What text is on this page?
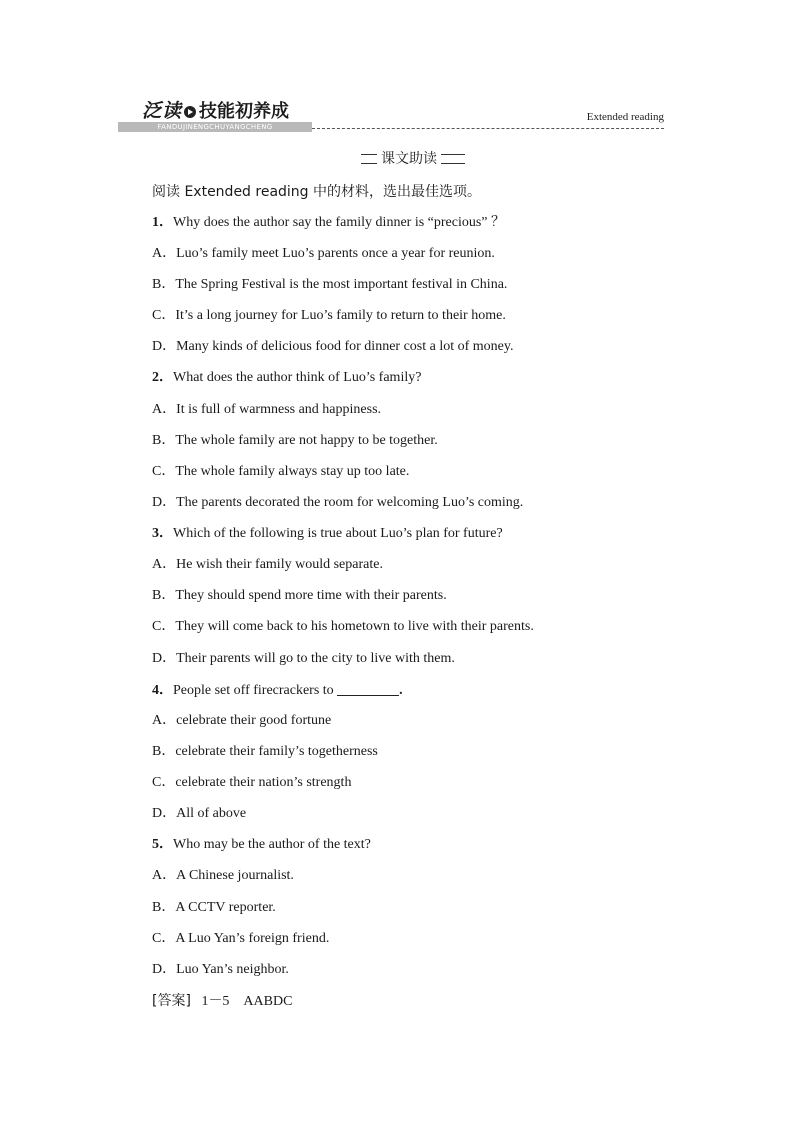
泛读 技能初养成
FANDUJINENGCHUYANGCHENG
Extended reading
课文助读
阅读 Extended reading 中的材料，选出最佳选项。
1．Why does the author say the family dinner is “precious” ？
A．Luo’s family meet Luo’s parents once a year for reunion.
B．The Spring Festival is the most important festival in China.
C．It’s a long journey for Luo’s family to return to their home.
D．Many kinds of delicious food for dinner cost a lot of money.
2．What does the author think of Luo’s family?
A．It is full of warmness and happiness.
B．The whole family are not happy to be together.
C．The whole family always stay up too late.
D．The parents decorated the room for welcoming Luo’s coming.
3．Which of the following is true about Luo’s plan for future?
A．He wish their family would separate.
B．They should spend more time with their parents.
C．They will come back to his hometown to live with their parents.
D．Their parents will go to the city to live with them.
4．People set off firecrackers to	.
A．celebrate their good fortune
B．celebrate their family’s togetherness
C．celebrate their nation’s strength
D．All of above
5．Who may be the author of the text?
A．A Chinese journalist.
B．A CCTV reporter.
C．A Luo Yan’s foreign friend.
D．Luo Yan’s neighbor.
[答案] 1－5　AABDC
